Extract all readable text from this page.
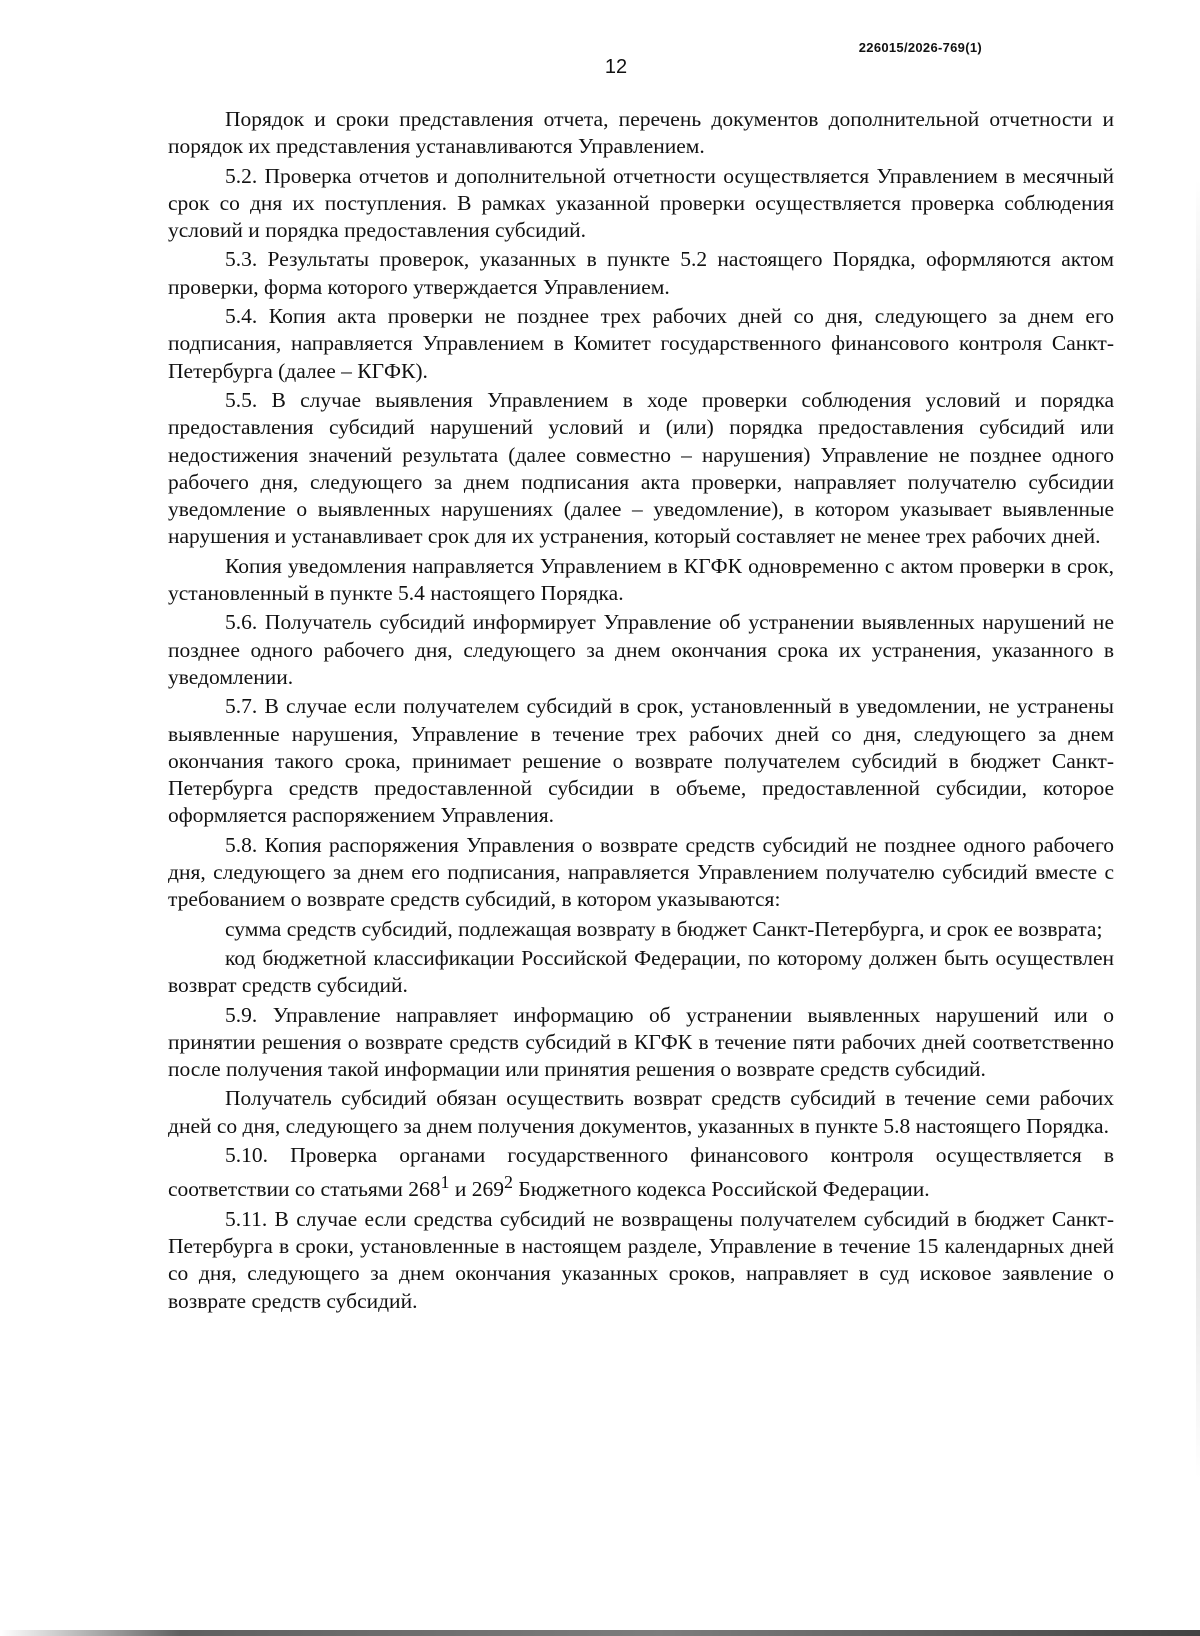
226015/2026-769(1)
12

Порядок и сроки представления отчета, перечень документов дополнительной отчетности и порядок их представления устанавливаются Управлением.

5.2. Проверка отчетов и дополнительной отчетности осуществляется Управлением в месячный срок со дня их поступления. В рамках указанной проверки осуществляется проверка соблюдения условий и порядка предоставления субсидий.

5.3. Результаты проверок, указанных в пункте 5.2 настоящего Порядка, оформляются актом проверки, форма которого утверждается Управлением.

5.4. Копия акта проверки не позднее трех рабочих дней со дня, следующего за днем его подписания, направляется Управлением в Комитет государственного финансового контроля Санкт-Петербурга (далее – КГФК).

5.5. В случае выявления Управлением в ходе проверки соблюдения условий и порядка предоставления субсидий нарушений условий и (или) порядка предоставления субсидий или недостижения значений результата (далее совместно – нарушения) Управление не позднее одного рабочего дня, следующего за днем подписания акта проверки, направляет получателю субсидии уведомление о выявленных нарушениях (далее – уведомление), в котором указывает выявленные нарушения и устанавливает срок для их устранения, который составляет не менее трех рабочих дней.

Копия уведомления направляется Управлением в КГФК одновременно с актом проверки в срок, установленный в пункте 5.4 настоящего Порядка.

5.6. Получатель субсидий информирует Управление об устранении выявленных нарушений не позднее одного рабочего дня, следующего за днем окончания срока их устранения, указанного в уведомлении.

5.7. В случае если получателем субсидий в срок, установленный в уведомлении, не устранены выявленные нарушения, Управление в течение трех рабочих дней со дня, следующего за днем окончания такого срока, принимает решение о возврате получателем субсидий в бюджет Санкт-Петербурга средств предоставленной субсидии в объеме, предоставленной субсидии, которое оформляется распоряжением Управления.

5.8. Копия распоряжения Управления о возврате средств субсидий не позднее одного рабочего дня, следующего за днем его подписания, направляется Управлением получателю субсидий вместе с требованием о возврате средств субсидий, в котором указываются:

сумма средств субсидий, подлежащая возврату в бюджет Санкт-Петербурга, и срок ее возврата;

код бюджетной классификации Российской Федерации, по которому должен быть осуществлен возврат средств субсидий.

5.9. Управление направляет информацию об устранении выявленных нарушений или о принятии решения о возврате средств субсидий в КГФК в течение пяти рабочих дней соответственно после получения такой информации или принятия решения о возврате средств субсидий.

Получатель субсидий обязан осуществить возврат средств субсидий в течение семи рабочих дней со дня, следующего за днем получения документов, указанных в пункте 5.8 настоящего Порядка.

5.10. Проверка органами государственного финансового контроля осуществляется в соответствии со статьями $268^1$ и $269^2$ Бюджетного кодекса Российской Федерации.

5.11. В случае если средства субсидий не возвращены получателем субсидий в бюджет Санкт-Петербурга в сроки, установленные в настоящем разделе, Управление в течение 15 календарных дней со дня, следующего за днем окончания указанных сроков, направляет в суд исковое заявление о возврате средств субсидий.
